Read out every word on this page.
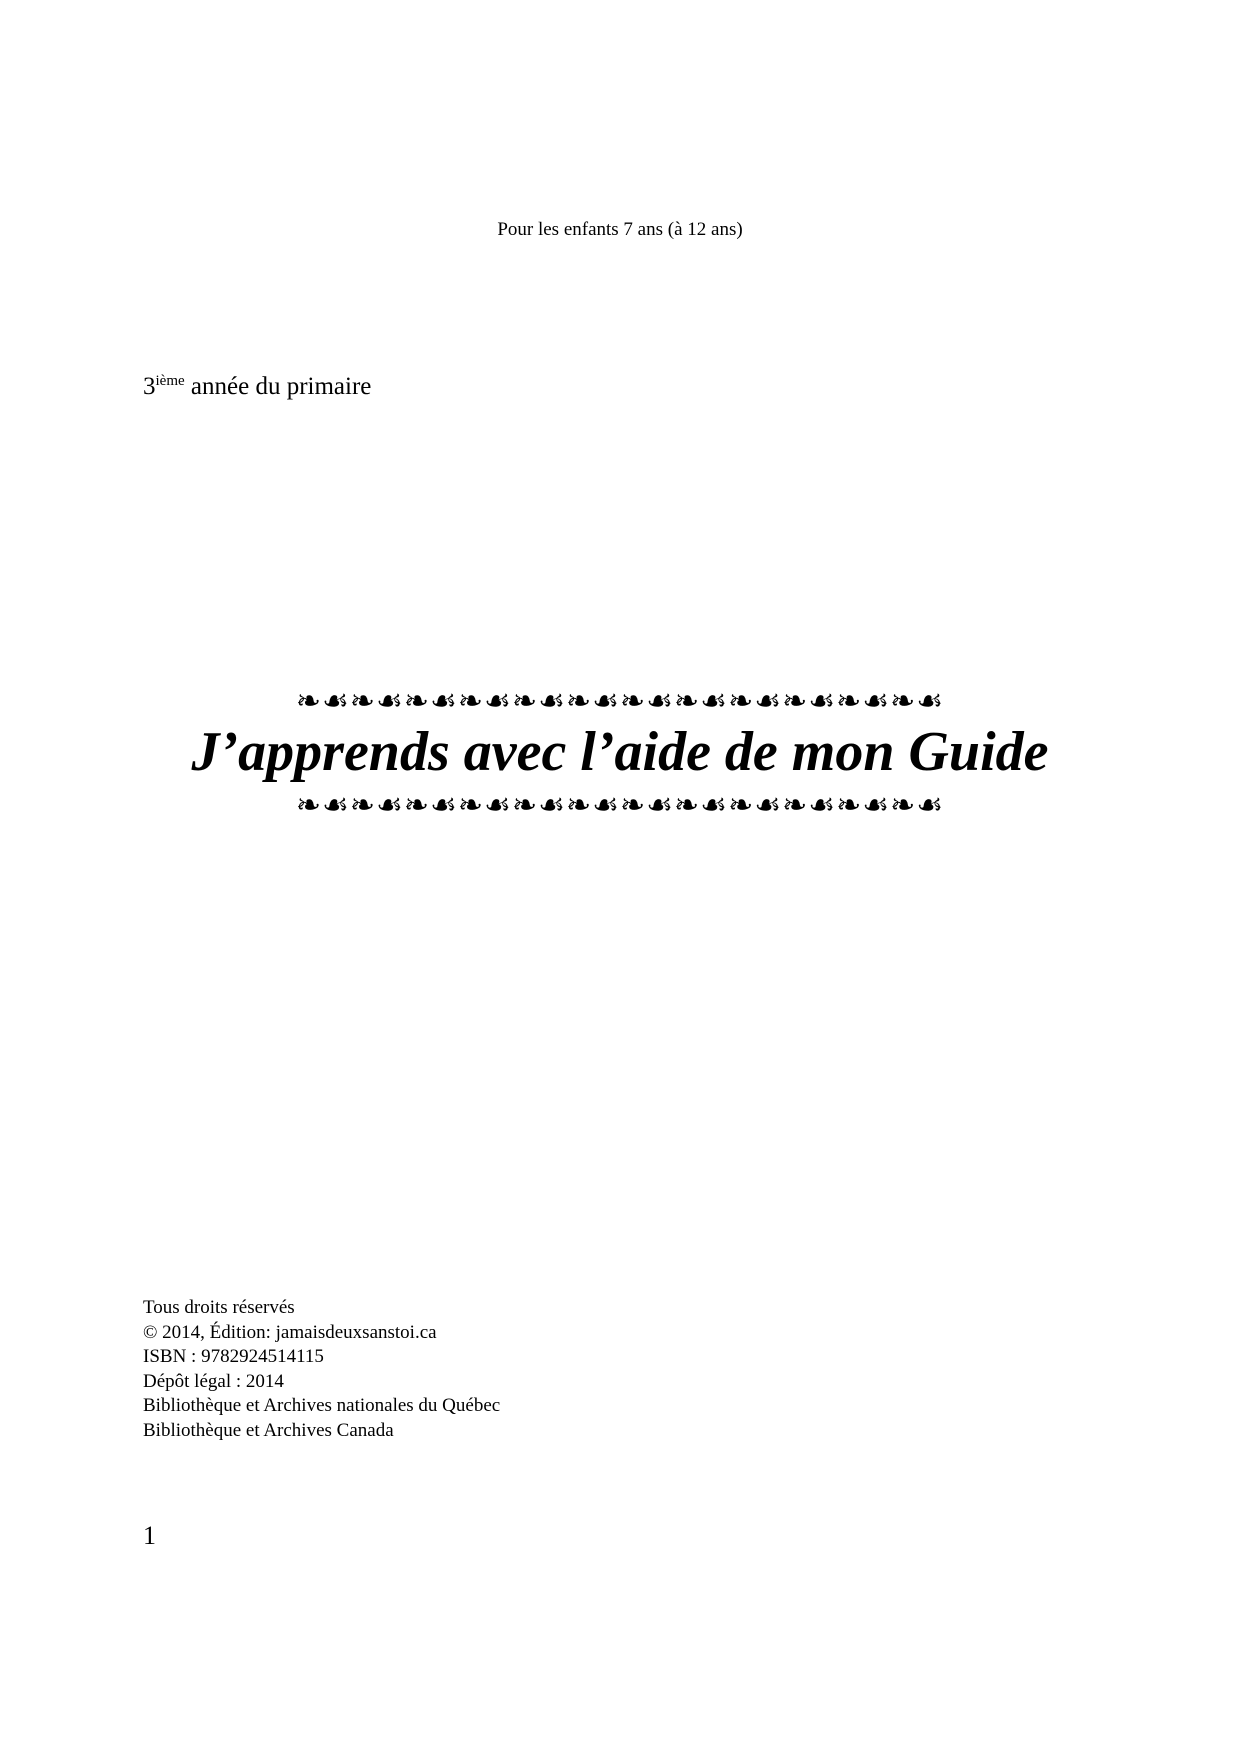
Pour les enfants 7 ans (à 12 ans)
3ième année du primaire
❧☙❧☙❧☙❧☙❧☙❧☙❧☙❧☙❧☙❧☙❧☙❧☙
J’apprends avec l’aide de mon Guide
❧☙❧☙❧☙❧☙❧☙❧☙❧☙❧☙❧☙❧☙❧☙❧☙
Tous droits réservés
© 2014, Édition: jamaisdeuxsanstoi.ca
ISBN : 9782924514115
Dépôt légal : 2014
Bibliothèque et Archives nationales du Québec
Bibliothèque et Archives Canada
1
